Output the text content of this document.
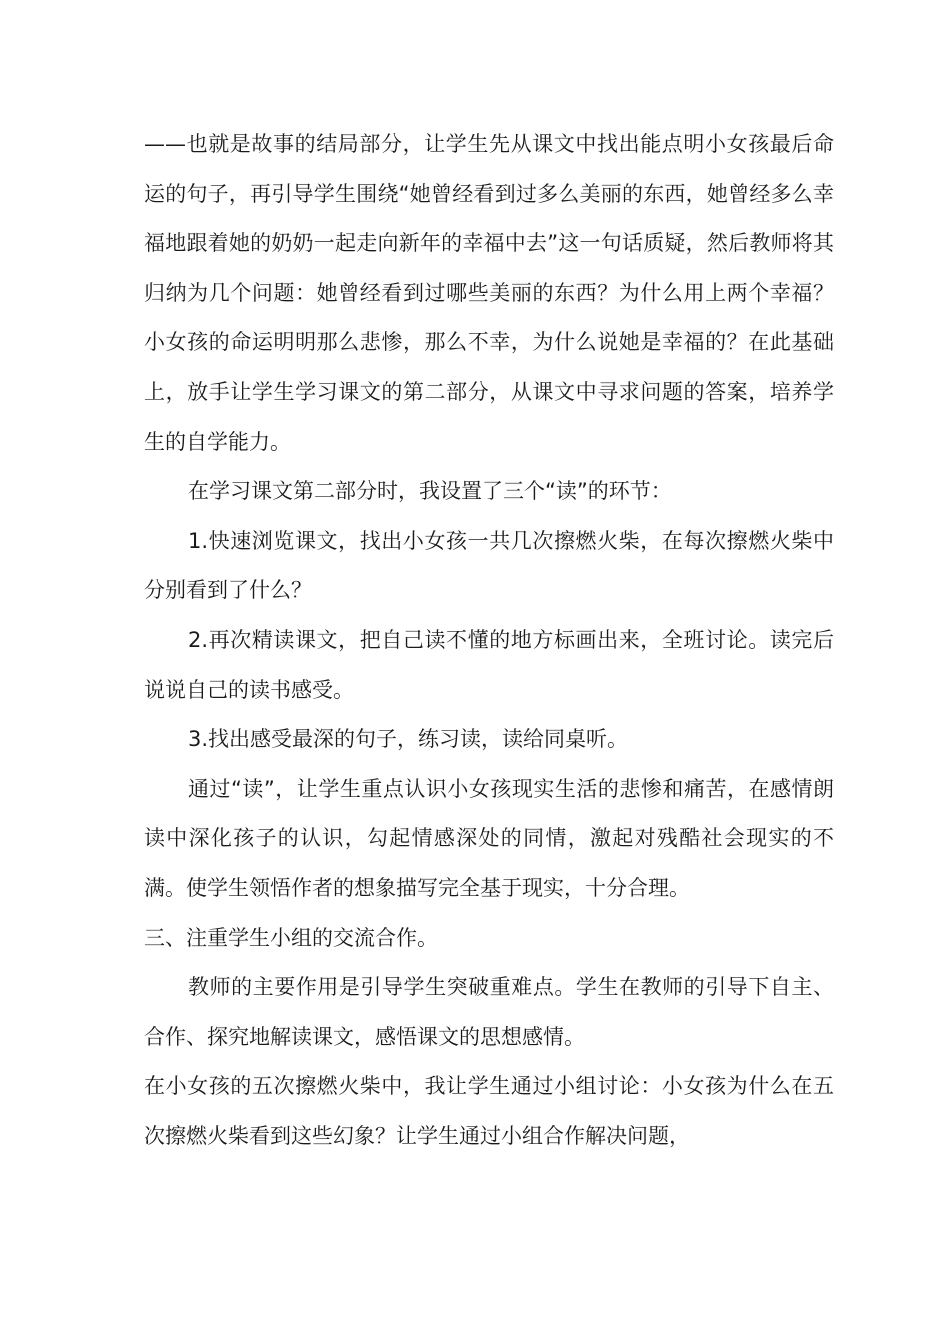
——也就是故事的结局部分，让学生先从课文中找出能点明小女孩最后命运的句子，再引导学生围绕“她曾经看到过多么美丽的东西，她曾经多么幸福地跟着她的奶奶一起走向新年的幸福中去”这一句话质疑，然后教师将其归纳为几个问题：她曾经看到过哪些美丽的东西？为什么用上两个幸福？小女孩的命运明明那么悲惨，那么不幸，为什么说她是幸福的？在此基础上，放手让学生学习课文的第二部分，从课文中寻求问题的答案，培养学生的自学能力。

在学习课文第二部分时，我设置了三个“读”的环节：

1.快速浏览课文，找出小女孩一共几次擦燃火柴，在每次擦燃火柴中分别看到了什么？

2.再次精读课文，把自己读不懂的地方标画出来，全班讨论。读完后说说自己的读书感受。

3.找出感受最深的句子，练习读，读给同桌听。

通过“读”，让学生重点认识小女孩现实生活的悲惨和痛苦，在感情朗读中深化孩子的认识，勾起情感深处的同情，激起对残酷社会现实的不满。使学生领悟作者的想象描写完全基于现实，十分合理。

三、注重学生小组的交流合作。

教师的主要作用是引导学生突破重难点。学生在教师的引导下自主、合作、探究地解读课文，感悟课文的思想感情。

在小女孩的五次擦燃火柴中，我让学生通过小组讨论：小女孩为什么在五次擦燃火柴看到这些幻象？让学生通过小组合作解决问题，
